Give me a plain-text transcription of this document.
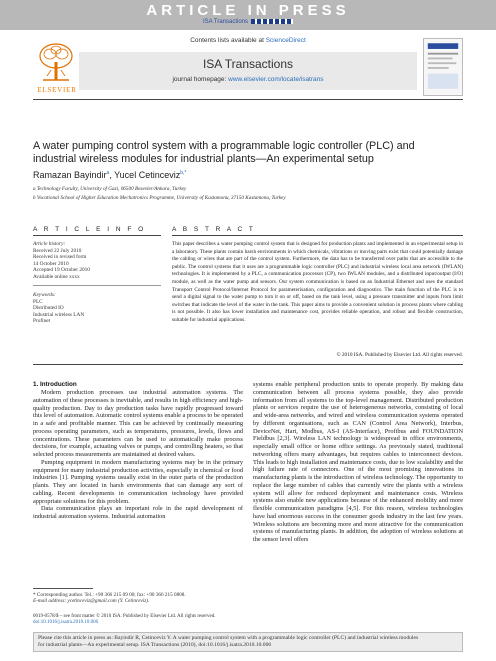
ARTICLE IN PRESS
ISA Transactions
Contents lists available at ScienceDirect
ISA Transactions
journal homepage: www.elsevier.com/locate/isatrans
ELSEVIER
A water pumping control system with a programmable logic controller (PLC) and
industrial wireless modules for industrial plants—An experimental setup
Ramazan Bayindir$^a$, Yucel Cetinceviz$^{b,*}$
a Technology Faculty, University of Gazi, 06500 Besevler/Ankara, Turkey
b Vocational School of Higher Education Mechatronics Programme, University of Kastamonu, 37150 Kastamonu, Turkey
A R T I C L E I N F O	A B S T R A C T
Article history:
Received 22 July 2010
Received in revised form
14 October 2010
Accepted 19 October 2010
Available online xxxx
Keywords:
PLC
Distributed IO
Industrial wireless LAN
Profinet
This paper describes a water pumping control system that is designed for production plants and implemented in an experimental setup in a laboratory. These plants contain harsh environments in which chemicals, vibrations or moving parts exist that could potentially damage the cabling or wires that are part of the control system. Furthermore, the data has to be transferred over paths that are accessible to the public. The control systems that it uses are a programmable logic controller (PLC) and industrial wireless local area network (IWLAN) technologies. It is implemented by a PLC, a communication processor (CP), two IWLAN modules, and a distributed input/output (I/O) module, as well as the water pump and sensors. Our system communication is based on an Industrial Ethernet and uses the standard Transport Control Protocol/Internet Protocol for parameterisation, configuration and diagnostics. The main function of the PLC is to send a digital signal to the water pump to turn it on or off, based on the tank level, using a pressure transmitter and inputs from limit switches that indicate the level of the water in the tank. This paper aims to provide a convenient solution in process plants where cabling is not possible. It also has lower installation and maintenance cost, provides reliable operation, and robust and flexible construction, suitable for industrial applications.
© 2010 ISA. Published by Elsevier Ltd. All rights reserved.
1. Introduction

Modern production processes use industrial automation systems. The automation of these processes is inevitable, and results in high efficiency and high-quality production. Day to day production tasks have rapidly progressed toward this level of automation. Automatic control systems enable a process to be operated in a safe and profitable manner. This can be achieved by continually measuring process operating parameters, such as temperatures, pressures, levels, flows and concentrations. These parameters can be used to automatically make process decisions, for example, actuating valves or pumps, and controlling heaters, so that selected process measurements are maintained at desired values.

Pumping equipment in modern manufacturing systems may be in the primary equipment for many industrial production activities, especially in chemical or food industries [1]. Pumping systems usually exist in the outer parts of the production plants. They are located in harsh environments that can damage any sort of cabling. Recent developments in communication technology have provided appropriate solutions for this problem.

Data communication plays an important role in the rapid development of industrial automation systems. Industrial automation

systems enable peripheral production units to operate properly. By making data communication between all process systems possible, they also provide information from all systems to the top-level management. Distributed production plants or services require the use of heterogeneous networks, consisting of local and wide-area networks, and wired and wireless communication systems operated by different organisations, such as CAN (Control Area Network), Interbus, DeviceNet, Hart, Modbus, AS-I (AS-Interface), Profibus and FOUNDATION Fieldbus [2,3]. Wireless LAN technology is widespread in office environments, especially small office or home office settings. As previously stated, traditional networking offers many advantages, but requires cables to interconnect devices. This leads to high installation and maintenance costs, due to low scalability and the high failure rate of connectors. One of the most promising innovations in manufacturing plants is the introduction of wireless technology. The opportunity to replace the large number of cables that currently wire the plants with a wireless system will allow for reduced deployment and maintenance costs. Wireless systems also enable new applications because of the enhanced mobility and more flexible communication paradigms [4,5]. For this reason, wireless technologies have had enormous success in the consumer goods industry in the last few years. Wireless solutions are becoming more and more attractive for the communication systems of manufacturing plants. In addition, the adoption of wireless solutions at the sensor level offers

* Corresponding author. Tel.: +90 366 215 09 00; fax: +90 366 215 0808.
E-mail address: ycetinceviz@gmail.com (Y. Cetinceviz).
0019-0578/$ – see front matter © 2010 ISA. Published by Elsevier Ltd. All rights reserved.
doi:10.1016/j.isatra.2010.10.006
Please cite this article in press as: Bayindir R, Cetinceviz Y. A water pumping control system with a programmable logic controller (PLC) and industrial wireless modules
for industrial plants—An experimental setup. ISA Transactions (2010), doi:10.1016/j.isatra.2010.10.006
